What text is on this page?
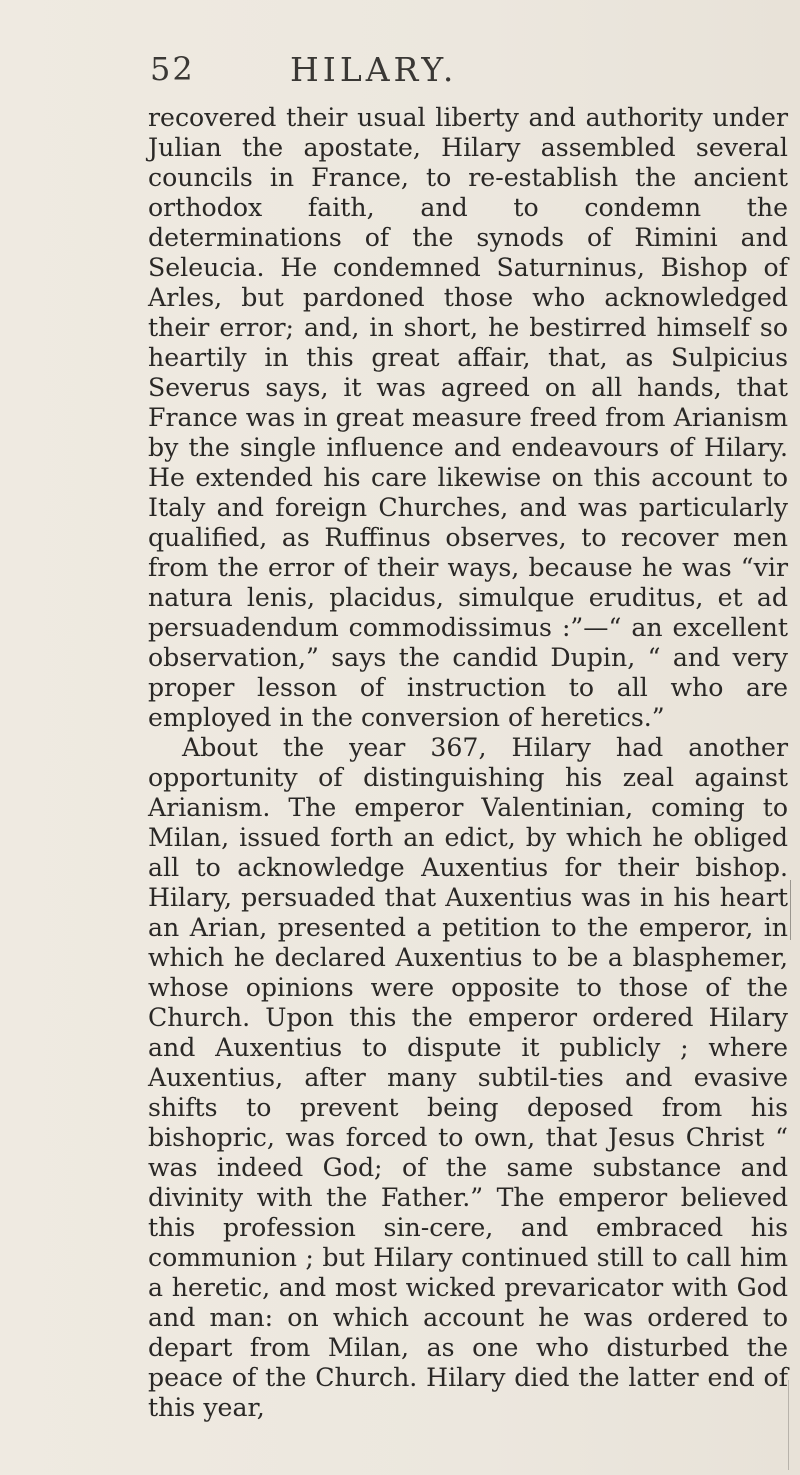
52	HILARY.

recovered their usual liberty and authority under Julian the apostate, Hilary assembled several councils in France, to re-establish the ancient orthodox faith, and to condemn the determinations of the synods of Rimini and Seleucia. He condemned Saturninus, Bishop of Arles, but pardoned those who acknowledged their error; and, in short, he bestirred himself so heartily in this great affair, that, as Sulpicius Severus says, it was agreed on all hands, that France was in great measure freed from Arianism by the single influence and endeavours of Hilary. He extended his care likewise on this account to Italy and foreign Churches, and was particularly qualified, as Ruffinus observes, to recover men from the error of their ways, because he was “vir natura lenis, placidus, simulque eruditus, et ad persuadendum commodissimus :”—“ an excellent observation,” says the candid Dupin, “ and very proper lesson of instruction to all who are employed in the conversion of heretics.”

About the year 367, Hilary had another opportunity of distinguishing his zeal against Arianism. The emperor Valentinian, coming to Milan, issued forth an edict, by which he obliged all to acknowledge Auxentius for their bishop. Hilary, persuaded that Auxentius was in his heart an Arian, presented a petition to the emperor, in which he declared Auxentius to be a blasphemer, whose opinions were opposite to those of the Church. Upon this the emperor ordered Hilary and Auxentius to dispute it publicly ; where Auxentius, after many subtil-ties and evasive shifts to prevent being deposed from his bishopric, was forced to own, that Jesus Christ “ was indeed God; of the same substance and divinity with the Father.” The emperor believed this profession sin-cere, and embraced his communion ; but Hilary continued still to call him a heretic, and most wicked prevaricator with God and man: on which account he was ordered to depart from Milan, as one who disturbed the peace of the Church. Hilary died the latter end of this year,
